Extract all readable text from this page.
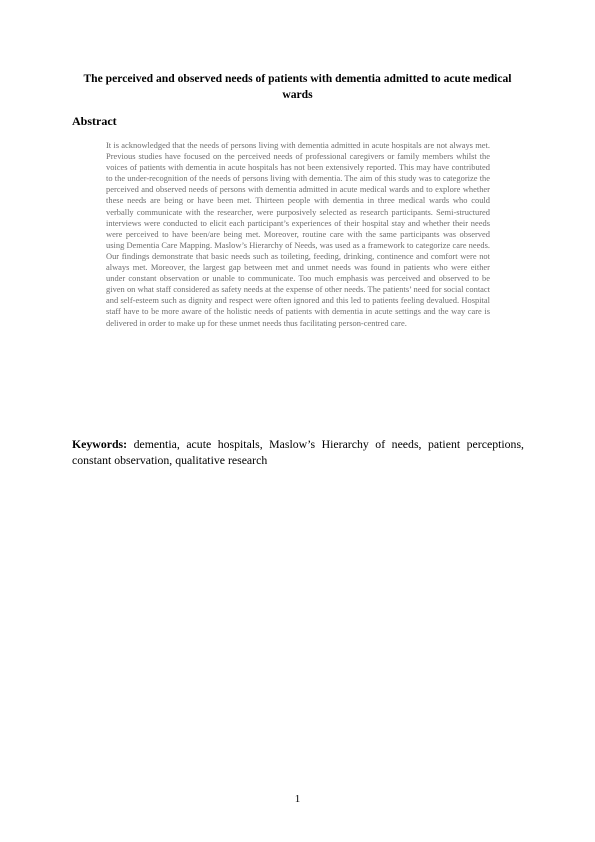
The perceived and observed needs of patients with dementia admitted to acute medical wards
Abstract

It is acknowledged that the needs of persons living with dementia admitted in acute hospitals are not always met. Previous studies have focused on the perceived needs of professional caregivers or family members whilst the voices of patients with dementia in acute hospitals has not been extensively reported. This may have contributed to the under-recognition of the needs of persons living with dementia. The aim of this study was to categorize the perceived and observed needs of persons with dementia admitted in acute medical wards and to explore whether these needs are being or have been met. Thirteen people with dementia in three medical wards who could verbally communicate with the researcher, were purposively selected as research participants. Semi-structured interviews were conducted to elicit each participant’s experiences of their hospital stay and whether their needs were perceived to have been/are being met. Moreover, routine care with the same participants was observed using Dementia Care Mapping. Maslow’s Hierarchy of Needs, was used as a framework to categorize care needs. Our findings demonstrate that basic needs such as toileting, feeding, drinking, continence and comfort were not always met. Moreover, the largest gap between met and unmet needs was found in patients who were either under constant observation or unable to communicate. Too much emphasis was perceived and observed to be given on what staff considered as safety needs at the expense of other needs. The patients’ need for social contact and self-esteem such as dignity and respect were often ignored and this led to patients feeling devalued. Hospital staff have to be more aware of the holistic needs of patients with dementia in acute settings and the way care is delivered in order to make up for these unmet needs thus facilitating person-centred care.

Keywords: dementia, acute hospitals, Maslow’s Hierarchy of needs, patient perceptions, constant observation, qualitative research
1
